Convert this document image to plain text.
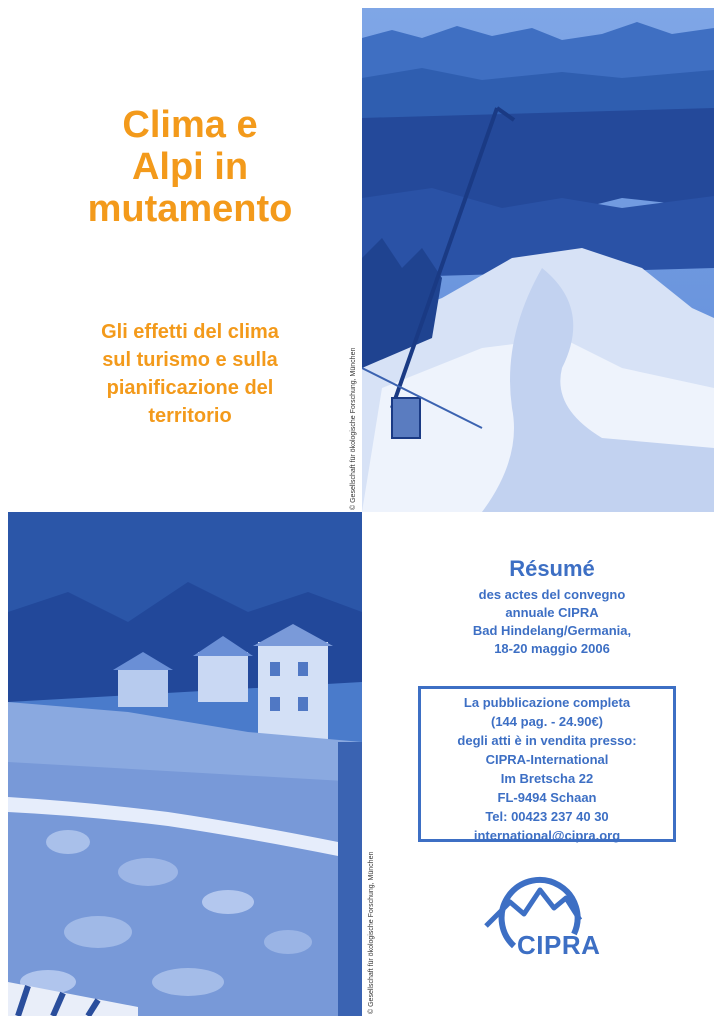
Clima e
Alpi in
mutamento
Gli effetti del clima
sul turismo e sulla
pianificazione del
territorio	© Gesellschaft für ökologische Forschung, München
© Gesellschaft für ökologische Forschung, München
Résumé

des actes del convegno
annuale CIPRA
Bad Hindelang/Germania,
18-20 maggio 2006

La pubblicazione completa
(144 pag. - 24.90€)
degli atti è in vendita presso:
CIPRA-International
Im Bretscha 22
FL-9494 Schaan
Tel: 00423 237 40 30
international@cipra.org
CIPRA
